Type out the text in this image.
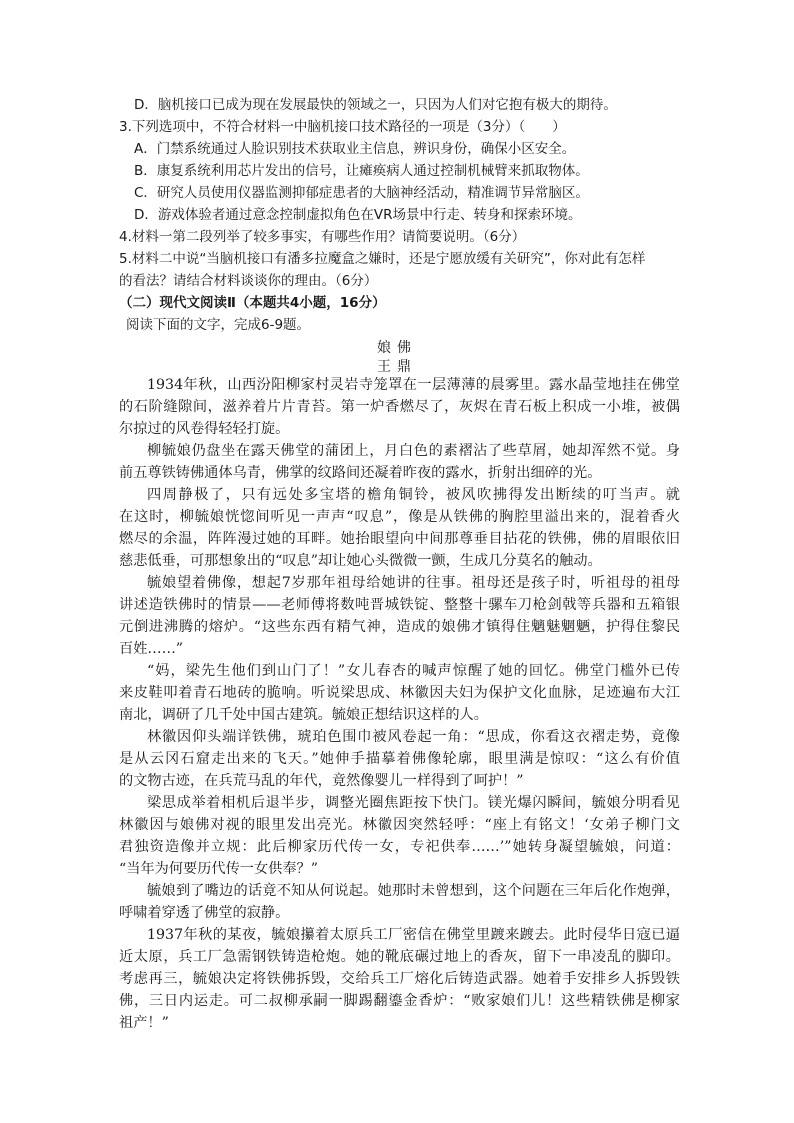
D．脑机接口已成为现在发展最快的领域之一，只因为人们对它抱有极大的期待。
3.下列选项中，不符合材料一中脑机接口技术路径的一项是（3分）（　　）
A．门禁系统通过人脸识别技术获取业主信息，辨识身份，确保小区安全。
B．康复系统利用芯片发出的信号，让瘫痪病人通过控制机械臂来抓取物体。
C．研究人员使用仪器监测抑郁症患者的大脑神经活动，精准调节异常脑区。
D．游戏体验者通过意念控制虚拟角色在VR场景中行走、转身和探索环境。
4.材料一第二段列举了较多事实，有哪些作用？请简要说明。（6分）
5.材料二中说“当脑机接口有潘多拉魔盒之嫌时，还是宁愿放缓有关研究”，你对此有怎样
的看法？请结合材料谈谈你的理由。（6分）
（二）现代文阅读Ⅱ（本题共4小题，16分）
阅读下面的文字，完成6-9题。
娘佛
王鼎
1934年秋，山西汾阳柳家村灵岩寺笼罩在一层薄薄的晨雾里。露水晶莹地挂在佛堂
的石阶缝隙间，滋养着片片青苔。第一炉香燃尽了，灰烬在青石板上积成一小堆，被偶
尔掠过的风卷得轻轻打旋。
柳毓娘仍盘坐在露天佛堂的蒲团上，月白色的素褶沾了些草屑，她却浑然不觉。身
前五尊铁铸佛通体乌青，佛掌的纹路间还凝着昨夜的露水，折射出细碎的光。
四周静极了，只有远处多宝塔的檐角铜铃，被风吹拂得发出断续的叮当声。就
在这时，柳毓娘恍惚间听见一声声“叹息”，像是从铁佛的胸腔里溢出来的，混着香火
燃尽的余温，阵阵漫过她的耳畔。她抬眼望向中间那尊垂目拈花的铁佛，佛的眉眼依旧
慈悲低垂，可那想象出的“叹息”却让她心头微微一颤，生成几分莫名的触动。
毓娘望着佛像，想起7岁那年祖母给她讲的往事。祖母还是孩子时，听祖母的祖母
讲述造铁佛时的情景——老师傅将数吨晋城铁锭、整整十骡车刀枪剑戟等兵器和五箱银
元倒进沸腾的熔炉。“这些东西有精气神，造成的娘佛才镇得住魑魅魍魉，护得住黎民
百姓……”
“妈，梁先生他们到山门了！”女儿春杏的喊声惊醒了她的回忆。佛堂门槛外已传
来皮鞋叩着青石地砖的脆响。听说梁思成、林徽因夫妇为保护文化血脉，足迹遍布大江
南北，调研了几千处中国古建筑。毓娘正想结识这样的人。
林徽因仰头端详铁佛，琥珀色围巾被风卷起一角：“思成，你看这衣褶走势，竟像
是从云冈石窟走出来的飞天。”她伸手描摹着佛像轮廓，眼里满是惊叹：“这么有价值
的文物古迹，在兵荒马乱的年代，竟然像婴儿一样得到了呵护！”
梁思成举着相机后退半步，调整光圈焦距按下快门。镁光爆闪瞬间，毓娘分明看见
林徽因与娘佛对视的眼里发出亮光。林徽因突然轻呼：“座上有铭文！‘女弟子柳门文
君独资造像并立规：此后柳家历代传一女，专祀供奉……’”她转身凝望毓娘，问道：
“当年为何要历代传一女供奉？”
毓娘到了嘴边的话竟不知从何说起。她那时未曾想到，这个问题在三年后化作炮弹，
呼啸着穿透了佛堂的寂静。
1937年秋的某夜，毓娘攥着太原兵工厂密信在佛堂里踱来踱去。此时侵华日寇已逼
近太原，兵工厂急需钢铁铸造枪炮。她的靴底碾过地上的香灰，留下一串凌乱的脚印。
考虑再三，毓娘决定将铁佛拆毁，交给兵工厂熔化后铸造武器。她着手安排乡人拆毁铁
佛，三日内运走。可二叔柳承嗣一脚踢翻鎏金香炉：“败家娘们儿！这些精铁佛是柳家
祖产！”
